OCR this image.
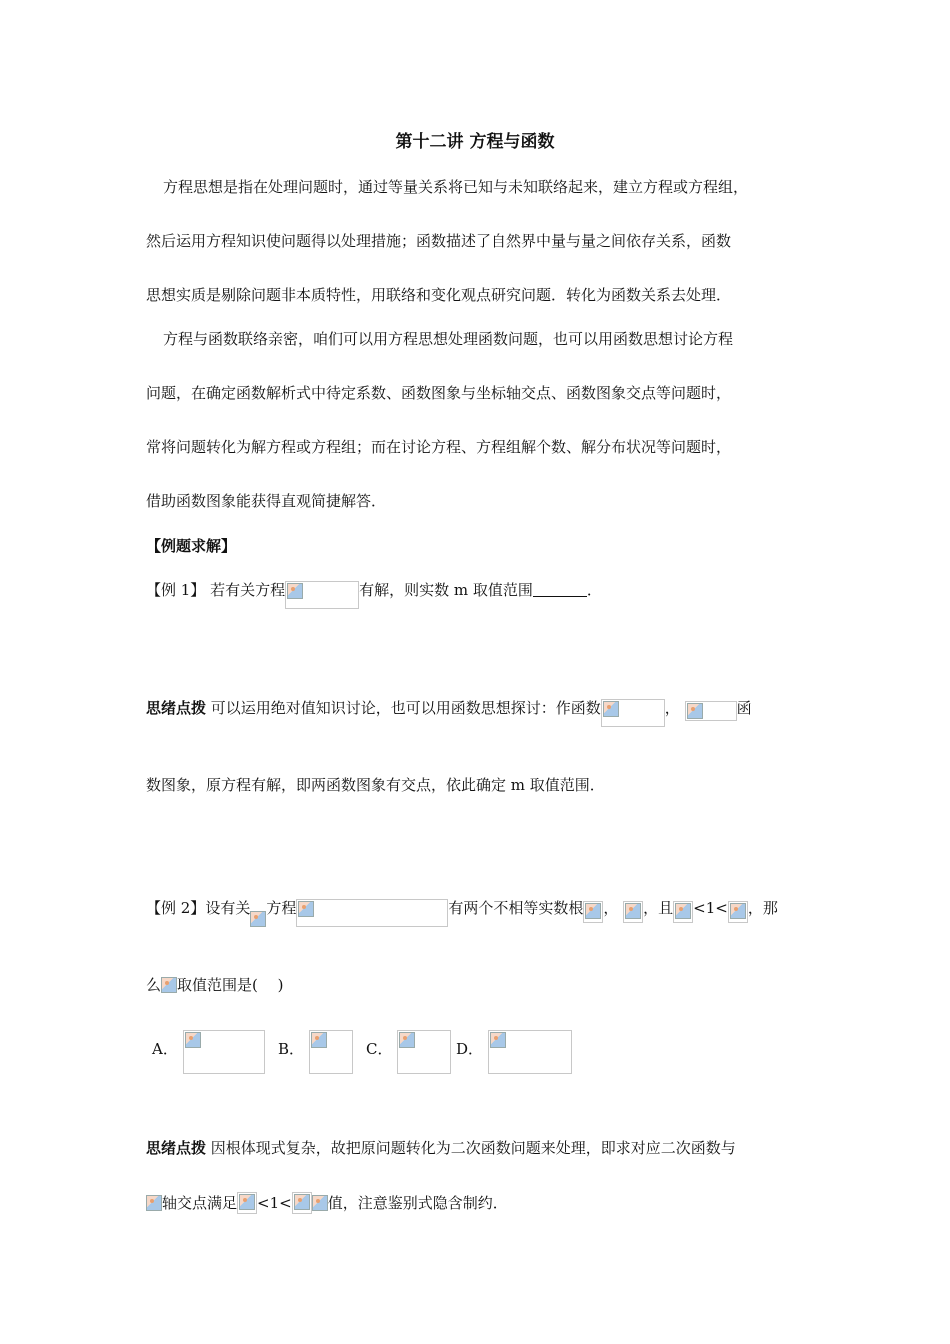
第十二讲 方程与函数
方程思想是指在处理问题时，通过等量关系将已知与未知联络起来，建立方程或方程组，
然后运用方程知识使问题得以处理措施；函数描述了自然界中量与量之间依存关系，函数
思想实质是剔除问题非本质特性，用联络和变化观点研究问题．转化为函数关系去处理．
方程与函数联络亲密，咱们可以用方程思想处理函数问题，也可以用函数思想讨论方程
问题，在确定函数解析式中待定系数、函数图象与坐标轴交点、函数图象交点等问题时，
常将问题转化为解方程或方程组；而在讨论方程、方程组解个数、解分布状况等问题时，
借助函数图象能获得直观简捷解答．
【例题求解】
【例 1】 若有关方程	有解，则实数 m 取值范围	．
思绪点拨 可以运用绝对值知识讨论，也可以用函数思想探讨：作函数	，	函
数图象，原方程有解，即两函数图象有交点，依此确定 m 取值范围．
【例 2】设有关 方程	有两个不相等实数根 ， ，且 <1< ，那
么 取值范围是(　 )
A．	B．	C．	D．
思绪点拨 因根体现式复杂，故把原问题转化为二次函数问题来处理，即求对应二次函数与
轴交点满足 <1< 值，注意鉴别式隐含制约．
